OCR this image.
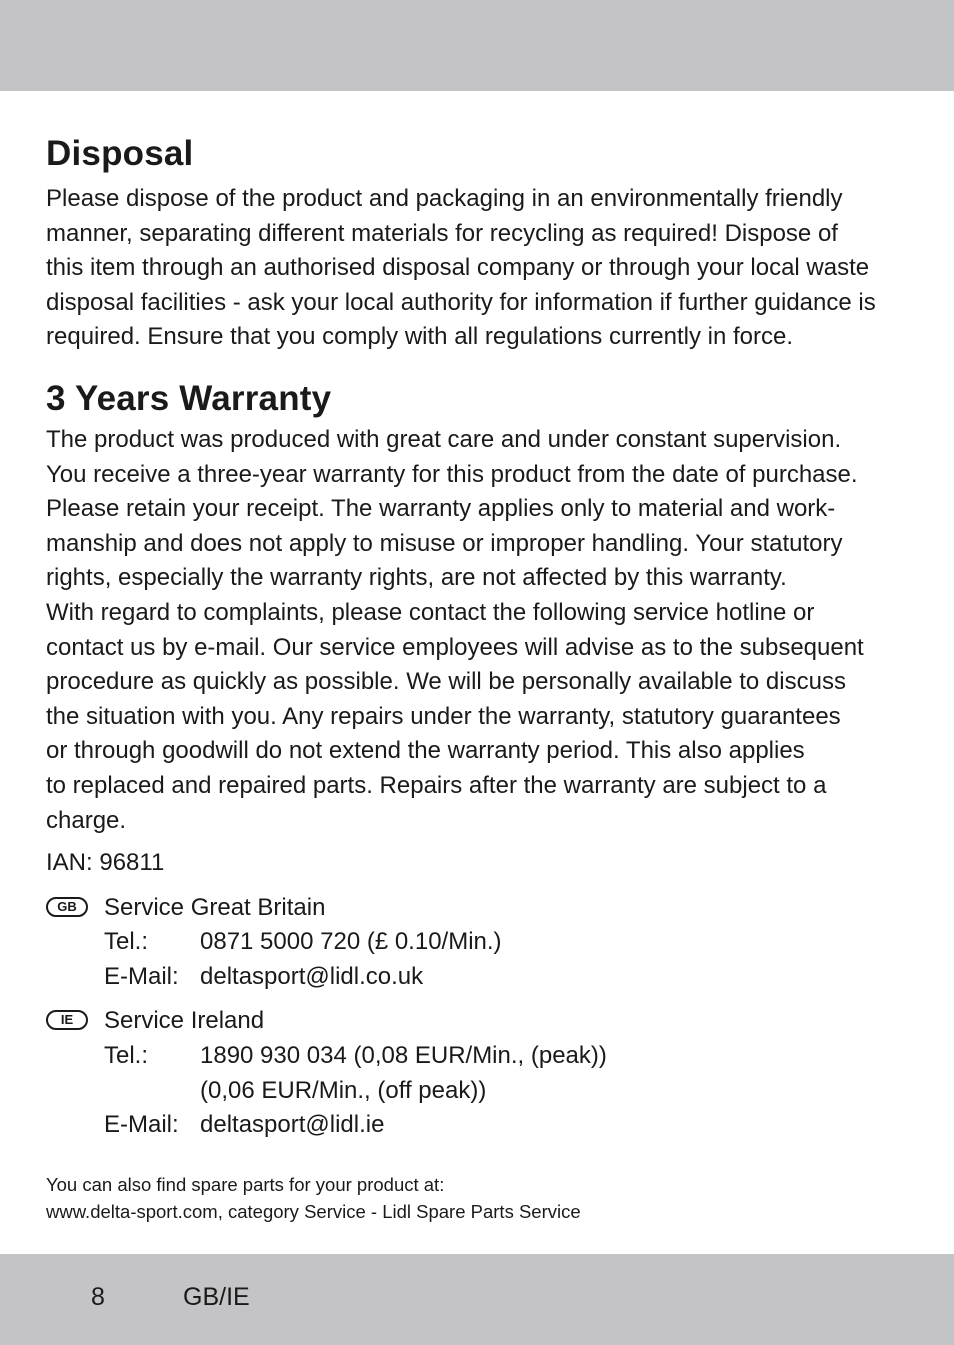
Disposal

Please dispose of the product and packaging in an environmentally friendly
manner, separating different materials for recycling as required! Dispose of
this item through an authorised disposal company or through your local waste
disposal facilities - ask your local authority for information if further guidance is
required. Ensure that you comply with all regulations currently in force.

3 Years Warranty

The product was produced with great care and under constant supervision.
You receive a three-year warranty for this product from the date of purchase.
Please retain your receipt. The warranty applies only to material and work-
manship and does not apply to misuse or improper handling. Your statutory
rights, especially the warranty rights, are not affected by this warranty.
With regard to complaints, please contact the following service hotline or
contact us by e-mail. Our service employees will advise as to the subsequent
procedure as quickly as possible. We will be personally available to discuss
the situation with you. Any repairs under the warranty, statutory guarantees
or through goodwill do not extend the warranty period. This also applies
to replaced and repaired parts. Repairs after the warranty are subject to a
charge.

IAN: 96811
GB	Service Great Britain
Tel.:	0871 5000 720 (£ 0.10/Min.)
E-Mail: deltasport@lidl.co.uk
IE	Service Ireland
Tel.:	1890 930 034 (0,08 EUR/Min., (peak))
(0,06 EUR/Min., (off peak))
E-Mail: deltasport@lidl.ie
You can also find spare parts for your product at:
www.delta-sport.com, category Service - Lidl Spare Parts Service
8	GB/IE
